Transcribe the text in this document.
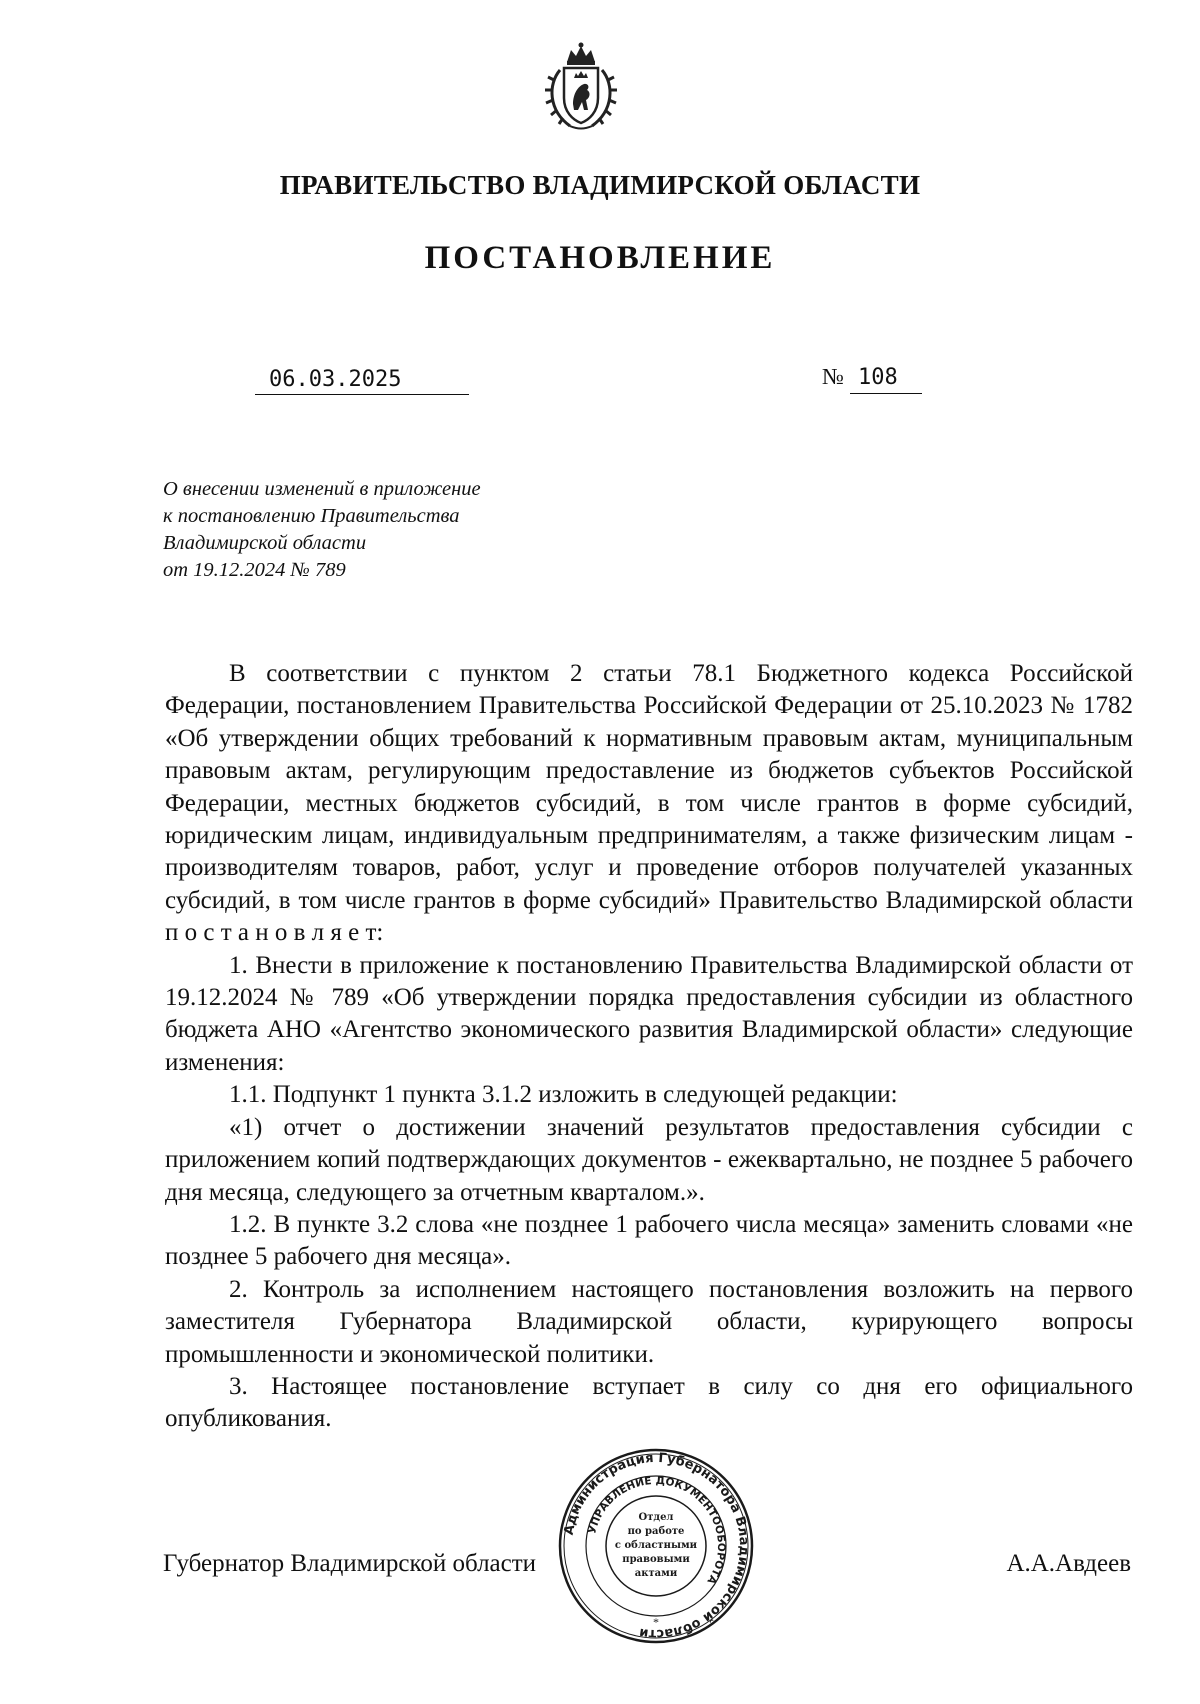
ПРАВИТЕЛЬСТВО ВЛАДИМИРСКОЙ ОБЛАСТИ
ПОСТАНОВЛЕНИЕ
06.03.2025	№ 108
О внесении изменений в приложение
к постановлению Правительства
Владимирской области
от 19.12.2024 № 789

В соответствии с пунктом 2 статьи 78.1 Бюджетного кодекса Российской Федерации, постановлением Правительства Российской Федерации от 25.10.2023 № 1782 «Об утверждении общих требований к нормативным правовым актам, муниципальным правовым актам, регулирующим предоставление из бюджетов субъектов Российской Федерации, местных бюджетов субсидий, в том числе грантов в форме субсидий, юридическим лицам, индивидуальным предпринимателям, а также физическим лицам - производителям товаров, работ, услуг и проведение отборов получателей указанных субсидий, в том числе грантов в форме субсидий» Правительство Владимирской области п о с т а н о в л я е т:

1. Внести в приложение к постановлению Правительства Владимирской области от 19.12.2024 № 789 «Об утверждении порядка предоставления субсидии из областного бюджета АНО «Агентство экономического развития Владимирской области» следующие изменения:

1.1. Подпункт 1 пункта 3.1.2 изложить в следующей редакции:

«1) отчет о достижении значений результатов предоставления субсидии с приложением копий подтверждающих документов - ежеквартально, не позднее 5 рабочего дня месяца, следующего за отчетным кварталом.».

1.2. В пункте 3.2 слова «не позднее 1 рабочего числа месяца» заменить словами «не позднее 5 рабочего дня месяца».

2. Контроль за исполнением настоящего постановления возложить на первого заместителя Губернатора Владимирской области, курирующего вопросы промышленности и экономической политики.

3. Настоящее постановление вступает в силу со дня его официального опубликования.

Губернатор Владимирской области	А.А.Авдеев
Администрация Губернатора Владимирской области
УПРАВЛЕНИЕ ДОКУМЕНТООБОРОТА
*
Отдел
по работе
с областными
правовыми
актами
